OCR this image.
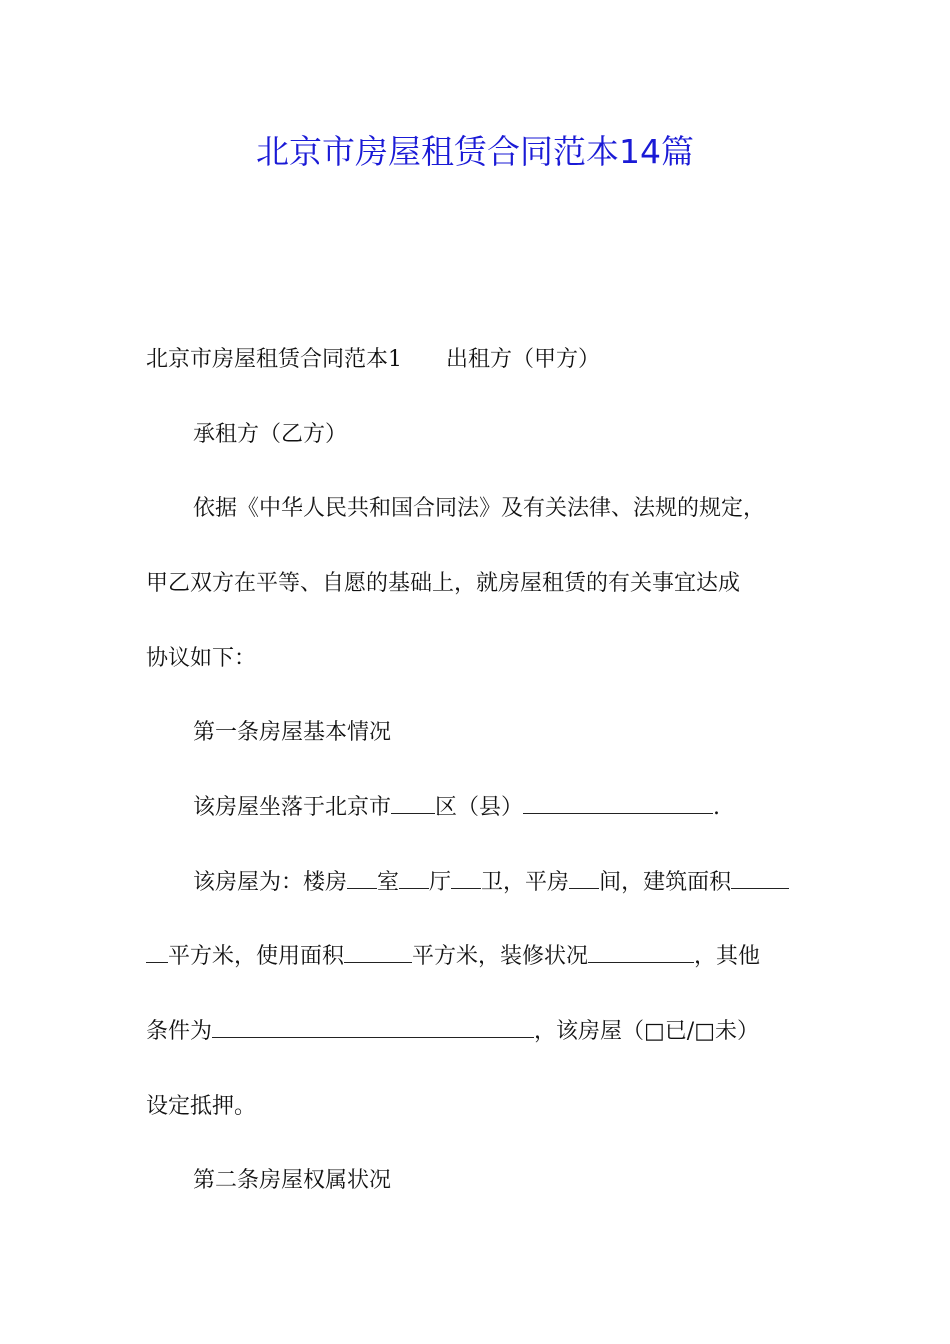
北京市房屋租赁合同范本14篇
北京市房屋租赁合同范本1 出租方（甲方）
承租方（乙方）
依据《中华人民共和国合同法》及有关法律、法规的规定，
甲乙双方在平等、自愿的基础上，就房屋租赁的有关事宜达成
协议如下：
第一条房屋基本情况
该房屋坐落于北京市 区（县）	.
该房屋为：楼房 室 厅 卫，平房 间，建筑面积
平方米，使用面积	平方米，装修状况	，其他
条件为	，该房屋（□已/□未）
设定抵押。
第二条房屋权属状况
